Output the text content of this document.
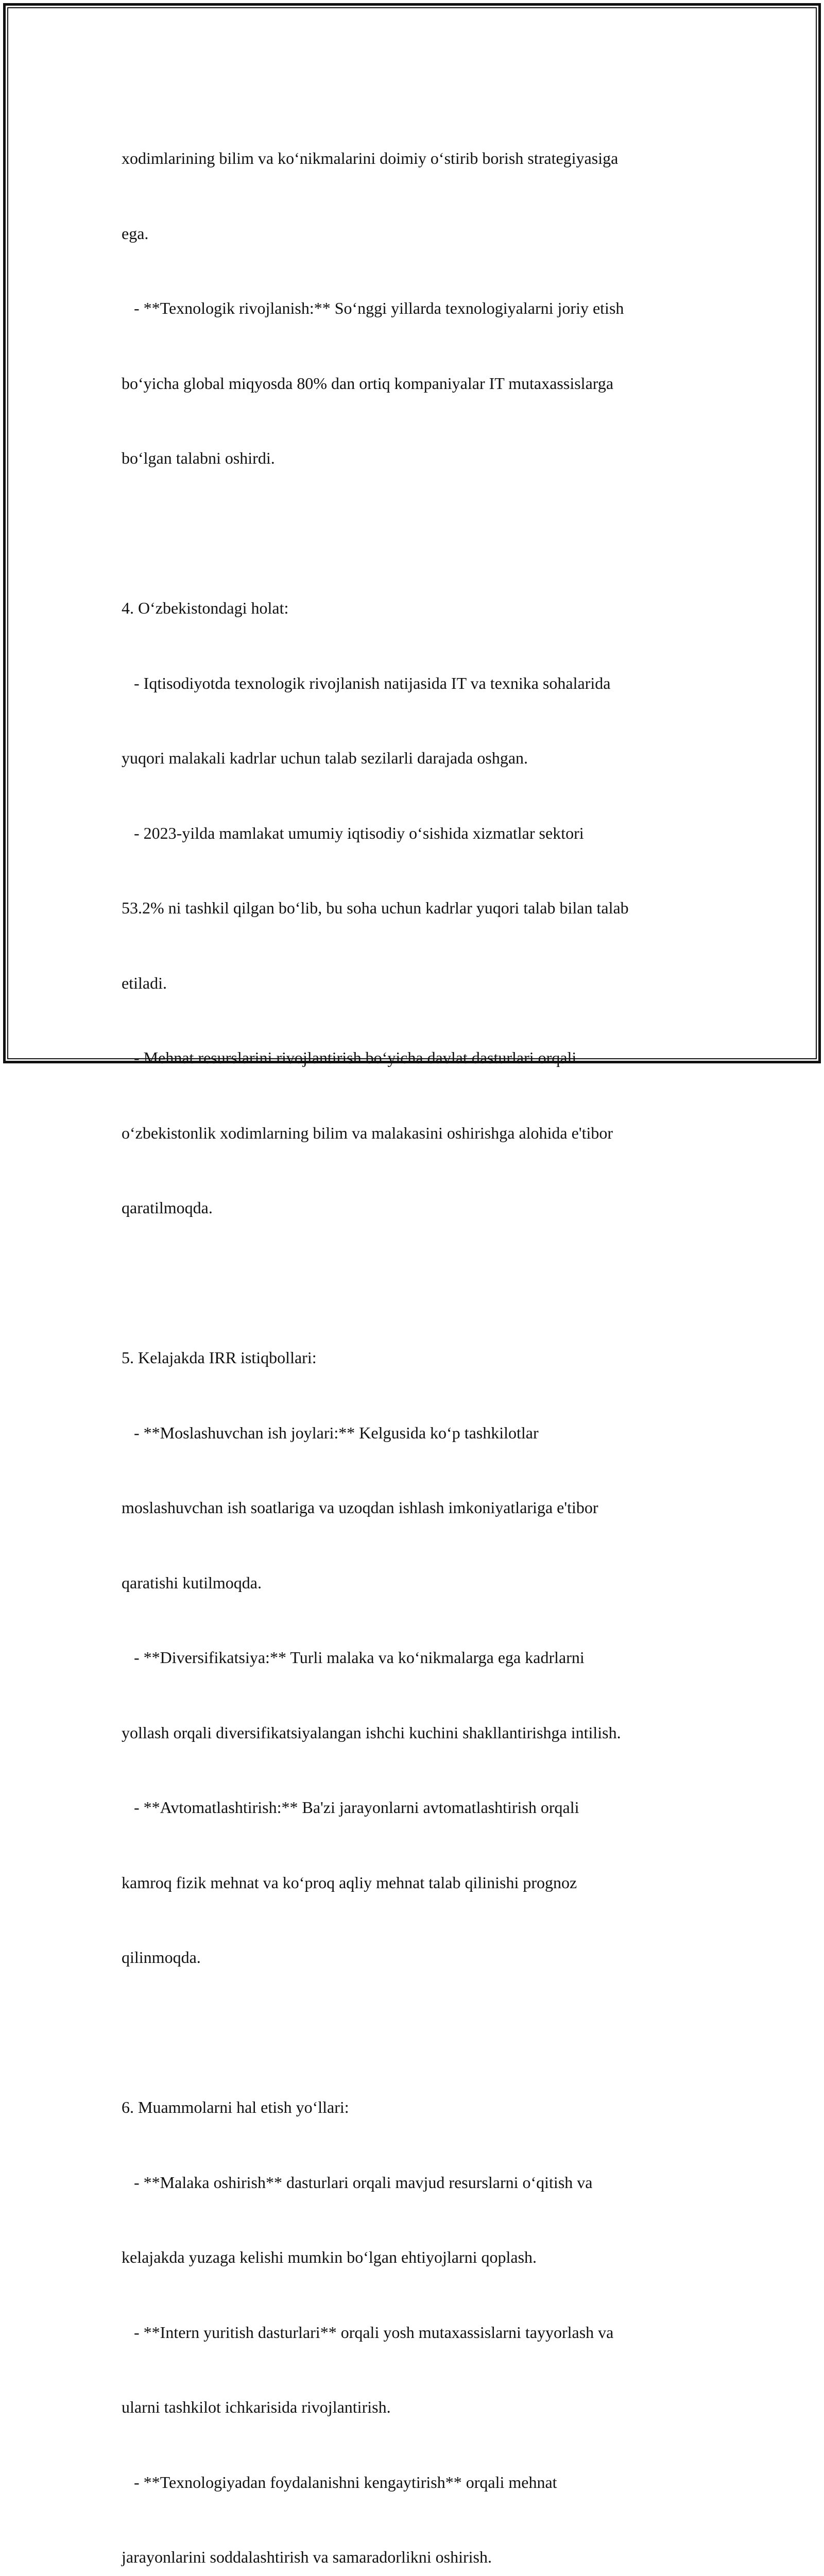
xodimlarining bilim va ko‘nikmalarini doimiy o‘stirib borish strategiyasiga

ega.

- **Texnologik rivojlanish:** So‘nggi yillarda texnologiyalarni joriy etish

bo‘yicha global miqyosda 80% dan ortiq kompaniyalar IT mutaxassislarga

bo‘lgan talabni oshirdi.

4. O‘zbekistondagi holat:

- Iqtisodiyotda texnologik rivojlanish natijasida IT va texnika sohalarida

yuqori malakali kadrlar uchun talab sezilarli darajada oshgan.

- 2023-yilda mamlakat umumiy iqtisodiy o‘sishida xizmatlar sektori

53.2% ni tashkil qilgan bo‘lib, bu soha uchun kadrlar yuqori talab bilan talab

etiladi.

- Mehnat resurslarini rivojlantirish bo‘yicha davlat dasturlari orqali

o‘zbekistonlik xodimlarning bilim va malakasini oshirishga alohida e'tibor

qaratilmoqda.

5. Kelajakda IRR istiqbollari:

- **Moslashuvchan ish joylari:** Kelgusida ko‘p tashkilotlar

moslashuvchan ish soatlariga va uzoqdan ishlash imkoniyatlariga e'tibor

qaratishi kutilmoqda.

- **Diversifikatsiya:** Turli malaka va ko‘nikmalarga ega kadrlarni

yollash orqali diversifikatsiyalangan ishchi kuchini shakllantirishga intilish.

- **Avtomatlashtirish:** Ba'zi jarayonlarni avtomatlashtirish orqali

kamroq fizik mehnat va ko‘proq aqliy mehnat talab qilinishi prognoz

qilinmoqda.

6. Muammolarni hal etish yo‘llari:

- **Malaka oshirish** dasturlari orqali mavjud resurslarni o‘qitish va

kelajakda yuzaga kelishi mumkin bo‘lgan ehtiyojlarni qoplash.

- **Intern yuritish dasturlari** orqali yosh mutaxassislarni tayyorlash va

ularni tashkilot ichkarisida rivojlantirish.

- **Texnologiyadan foydalanishni kengaytirish** orqali mehnat

jarayonlarini soddalashtirish va samaradorlikni oshirish.
